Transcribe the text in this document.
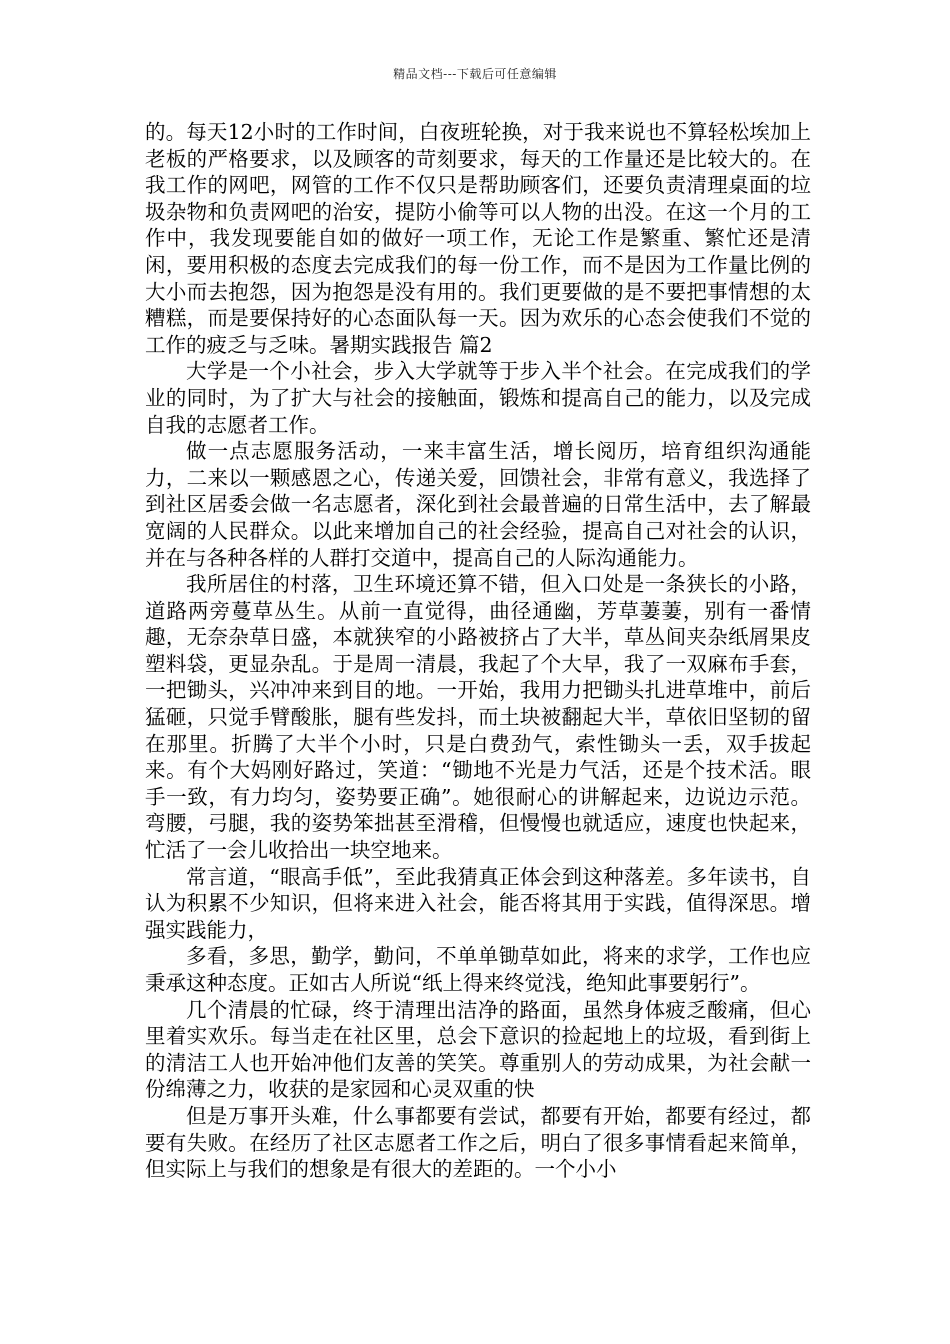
精品文档---下载后可任意编辑

的。每天12小时的工作时间，白夜班轮换，对于我来说也不算轻松埃加上老板的严格要求，以及顾客的苛刻要求，每天的工作量还是比较大的。在我工作的网吧，网管的工作不仅只是帮助顾客们，还要负责清理桌面的垃圾杂物和负责网吧的治安，提防小偷等可以人物的出没。在这一个月的工作中，我发现要能自如的做好一项工作，无论工作是繁重、繁忙还是清闲，要用积极的态度去完成我们的每一份工作，而不是因为工作量比例的大小而去抱怨，因为抱怨是没有用的。我们更要做的是不要把事情想的太糟糕，而是要保持好的心态面队每一天。因为欢乐的心态会使我们不觉的工作的疲乏与乏味。暑期实践报告 篇2

大学是一个小社会，步入大学就等于步入半个社会。在完成我们的学业的同时，为了扩大与社会的接触面，锻炼和提高自己的能力，以及完成自我的志愿者工作。

做一点志愿服务活动，一来丰富生活，增长阅历，培育组织沟通能力，二来以一颗感恩之心，传递关爱，回馈社会，非常有意义，我选择了到社区居委会做一名志愿者，深化到社会最普遍的日常生活中，去了解最宽阔的人民群众。以此来增加自己的社会经验，提高自己对社会的认识，并在与各种各样的人群打交道中，提高自己的人际沟通能力。

我所居住的村落，卫生环境还算不错，但入口处是一条狭长的小路，道路两旁蔓草丛生。从前一直觉得，曲径通幽，芳草萋萋，别有一番情趣，无奈杂草日盛，本就狭窄的小路被挤占了大半，草丛间夹杂纸屑果皮塑料袋，更显杂乱。于是周一清晨，我起了个大早，我了一双麻布手套，一把锄头，兴冲冲来到目的地。一开始，我用力把锄头扎进草堆中，前后猛砸，只觉手臂酸胀，腿有些发抖，而土块被翻起大半，草依旧坚韧的留在那里。折腾了大半个小时，只是白费劲气，索性锄头一丢，双手拔起来。有个大妈刚好路过，笑道：“锄地不光是力气活，还是个技术活。眼手一致，有力均匀，姿势要正确”。她很耐心的讲解起来，边说边示范。弯腰，弓腿，我的姿势笨拙甚至滑稽，但慢慢也就适应，速度也快起来，忙活了一会儿收拾出一块空地来。

常言道，“眼高手低”，至此我猜真正体会到这种落差。多年读书，自认为积累不少知识，但将来进入社会，能否将其用于实践，值得深思。增强实践能力，

多看，多思，勤学，勤问，不单单锄草如此，将来的求学，工作也应秉承这种态度。正如古人所说“纸上得来终觉浅，绝知此事要躬行”。

几个清晨的忙碌，终于清理出洁净的路面，虽然身体疲乏酸痛，但心里着实欢乐。每当走在社区里，总会下意识的捡起地上的垃圾，看到街上的清洁工人也开始冲他们友善的笑笑。尊重别人的劳动成果，为社会献一份绵薄之力，收获的是家园和心灵双重的快

但是万事开头难，什么事都要有尝试，都要有开始，都要有经过，都要有失败。在经历了社区志愿者工作之后，明白了很多事情看起来简单，但实际上与我们的想象是有很大的差距的。一个小小
